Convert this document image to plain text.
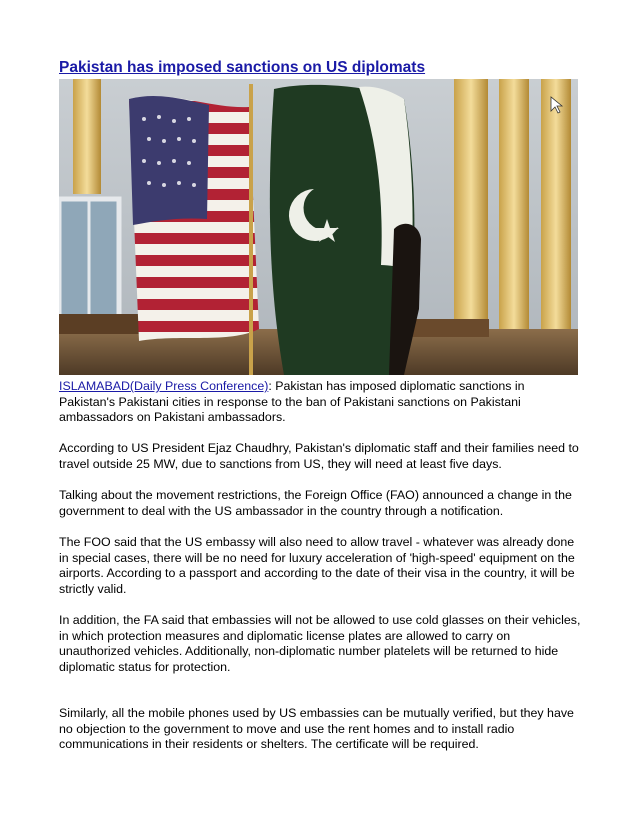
Pakistan has imposed sanctions on US diplomats

ISLAMABAD(Daily Press Conference): Pakistan has imposed diplomatic sanctions in Pakistan's Pakistani cities in response to the ban of Pakistani sanctions on Pakistani ambassadors on Pakistani ambassadors.

According to US President Ejaz Chaudhry, Pakistan's diplomatic staff and their families need to travel outside 25 MW, due to sanctions from US, they will need at least five days.

Talking about the movement restrictions, the Foreign Office (FAO) announced a change in the government to deal with the US ambassador in the country through a notification.

The FOO said that the US embassy will also need to allow travel - whatever was already done in special cases, there will be no need for luxury acceleration of 'high-speed' equipment on the airports. According to a passport and according to the date of their visa in the country, it will be strictly valid.

In addition, the FA said that embassies will not be allowed to use cold glasses on their vehicles, in which protection measures and diplomatic license plates are allowed to carry on unauthorized vehicles. Additionally, non-diplomatic number platelets will be returned to hide diplomatic status for protection.

Similarly, all the mobile phones used by US embassies can be mutually verified, but they have no objection to the government to move and use the rent homes and to install radio communications in their residents or shelters. The certificate will be required.
